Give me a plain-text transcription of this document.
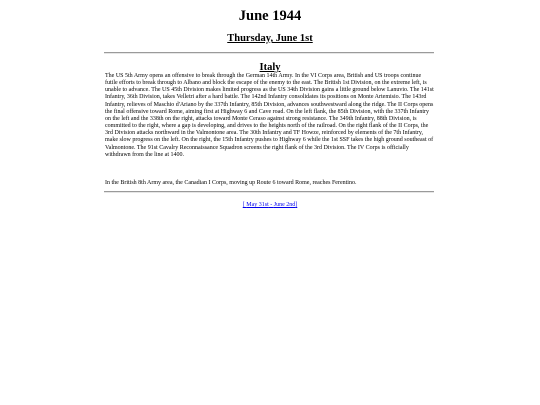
June 1944
Thursday, June 1st
Italy

The US 5th Army opens an offensive to break through the German 14th Army. In the VI Corps area, British and US troops continue futile efforts to break through to Albano and block the escape of the enemy to the east. The British 1st Division, on the extreme left, is unable to advance. The US 45th Division makes limited progress as the US 34th Division gains a little ground below Lanuvio. The 141st Infantry, 36th Division, takes Velletri after a hard battle. The 142nd Infantry consolidates its positions on Monte Artemisio. The 143rd Infantry, relieves of Maschio d'Ariano by the 337th Infantry, 85th Division, advances southwestward along the ridge. The II Corps opens the final offensive toward Rome, aiming first at Highway 6 and Cave road. On the left flank, the 85th Division, with the 337th Infantry on the left and the 338th on the right, attacks toward Monte Ceraso against strong resistance. The 349th Infantry, 88th Division, is committed to the right, where a gap is developing, and drives to the heights north of the railroad. On the right flank of the II Corps, the 3rd Division attacks northward in the Valmontone area. The 30th Infantry and TF Howze, reinforced by elements of the 7th Infantry, make slow progress on the left. On the right, the 15th Infantry pushes to Highway 6 while the 1st SSF takes the high ground southeast of Valmontone. The 91st Cavalry Reconnaissance Squadron screens the right flank of the 3rd Division. The IV Corps is officially withdrawn from the line at 1400.

In the British 8th Army area, the Canadian I Corps, moving up Route 6 toward Rome, reaches Ferentino.

[ May 31st - June 2nd]
